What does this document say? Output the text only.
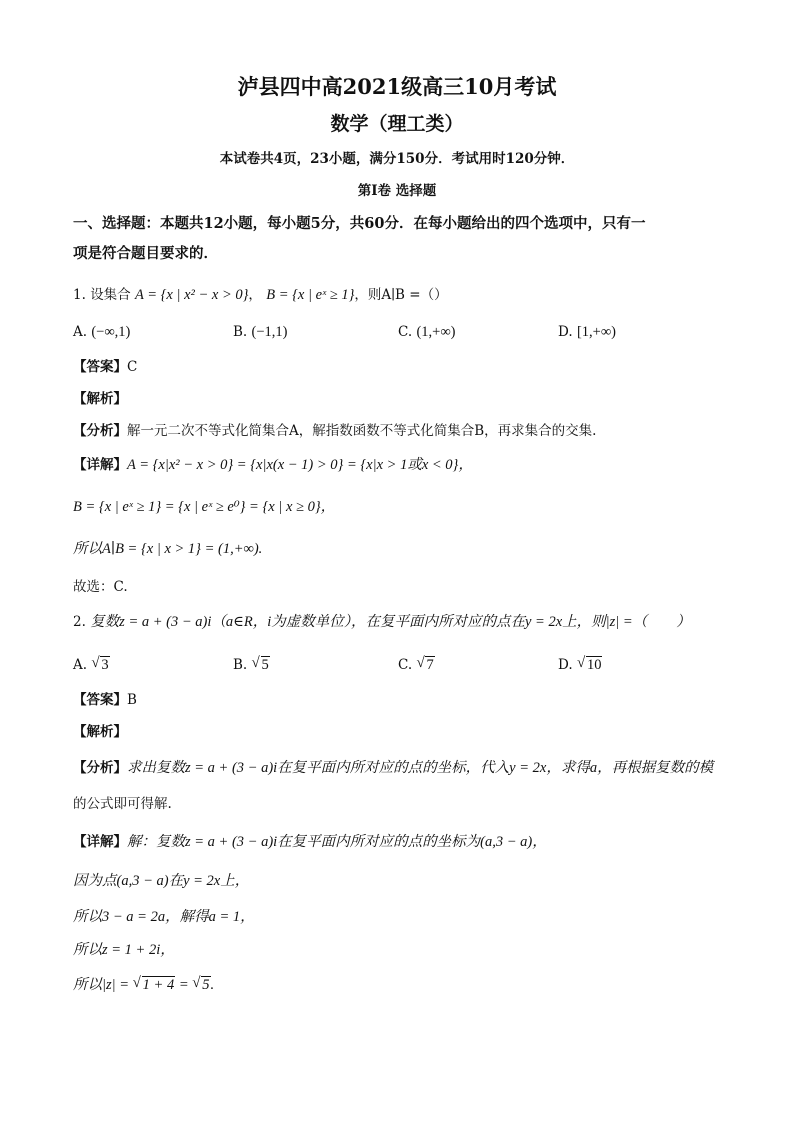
泸县四中高2021级高三10月考试
数学（理工类）
本试卷共4页，23小题，满分150分．考试用时120分钟．
第I卷 选择题
一、选择题：本题共12小题，每小题5分，共60分．在每小题给出的四个选项中，只有一
项是符合题目要求的．
1. 设集合 A = {x | x² − x > 0}， B = {x | eˣ ≥ 1}，则A∣B =（）
A. (−∞,1)	B. (−1,1)	C. (1,+∞)	D. [1,+∞)
【答案】C
【解析】
【分析】解一元二次不等式化简集合A，解指数函数不等式化简集合B，再求集合的交集.
【详解】A = {x|x² − x > 0} = {x|x(x − 1) > 0} = {x|x > 1或x < 0}，
B = {x | eˣ ≥ 1} = {x | eˣ ≥ e⁰} = {x | x ≥ 0}，
所以A∣B = {x | x > 1} = (1,+∞).
故选：C.
2. 复数z = a + (3 − a)i（a∈R，i为虚数单位），在复平面内所对应的点在y = 2x上，则|z| =（　　）
A. √ 3	B. √ 5	C. √ 7	D. √ 10
【答案】B
【解析】
【分析】求出复数z = a + (3 − a)i在复平面内所对应的点的坐标，代入y = 2x，求得a，再根据复数的模
的公式即可得解.
【详解】解：复数z = a + (3 − a)i在复平面内所对应的点的坐标为(a,3 − a)，
因为点(a,3 − a)在y = 2x上，
所以3 − a = 2a，解得a = 1，
所以z = 1 + 2i，
所以|z| = √ 1 + 4 = √ 5.
